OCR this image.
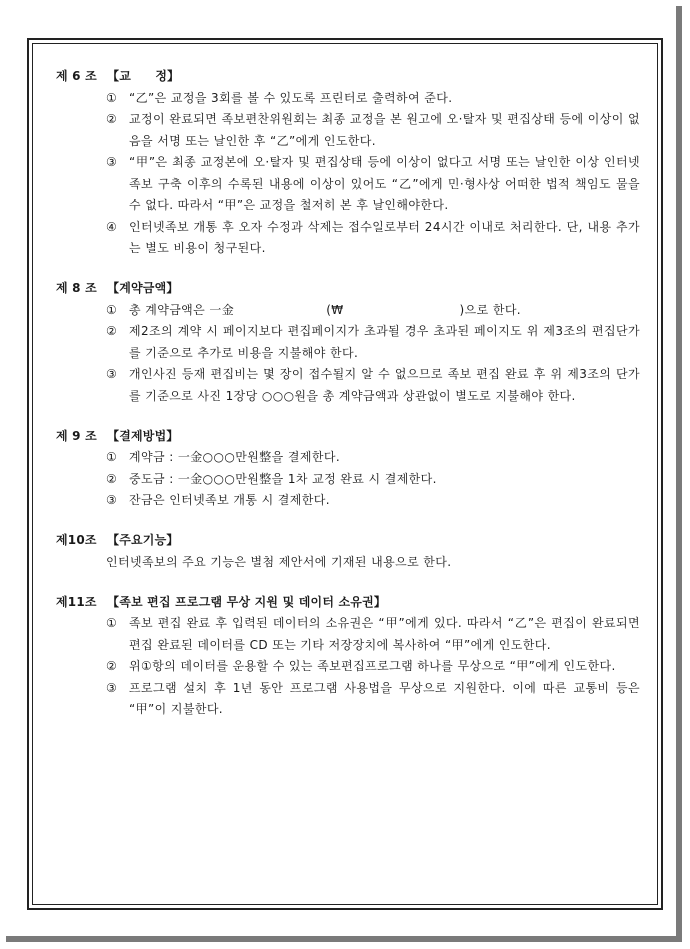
제 6 조 【교　　정】
① “乙”은 교정을 3회를 볼 수 있도록 프린터로 출력하여 준다.
② 교정이 완료되면 족보편찬위원회는 최종 교정을 본 원고에 오·탈자 및 편집상태 등에 이상이 없음을 서명 또는 날인한 후 “乙”에게 인도한다.
③ “甲”은 최종 교정본에 오·탈자 및 편집상태 등에 이상이 없다고 서명 또는 날인한 이상 인터넷족보 구축 이후의 수록된 내용에 이상이 있어도 “乙”에게 민·형사상 어떠한 법적 책임도 물을 수 없다. 따라서 “甲”은 교정을 철저히 본 후 날인해야한다.
④ 인터넷족보 개통 후 오자 수정과 삭제는 접수일로부터 24시간 이내로 처리한다. 단, 내용 추가는 별도 비용이 청구된다.
제 8 조 【계약금액】
① 총 계약금액은 一金	(₩	)으로 한다.
② 제2조의 계약 시 페이지보다 편집페이지가 초과될 경우 초과된 페이지도 위 제3조의 편집단가를 기준으로 추가로 비용을 지불해야 한다.
③ 개인사진 등재 편집비는 몇 장이 접수될지 알 수 없으므로 족보 편집 완료 후 위 제3조의 단가를 기준으로 사진 1장당 ○○○원을 총 계약금액과 상관없이 별도로 지불해야 한다.
제 9 조 【결제방법】
① 계약금 : 一金○○○만원整을 결제한다.
② 중도금 : 一金○○○만원整을 1차 교정 완료 시 결제한다.
③ 잔금은 인터넷족보 개통 시 결제한다.
제10조 【주요기능】
인터넷족보의 주요 기능은 별첨 제안서에 기재된 내용으로 한다.
제11조 【족보 편집 프로그램 무상 지원 및 데이터 소유권】
① 족보 편집 완료 후 입력된 데이터의 소유권은 “甲”에게 있다. 따라서 “乙”은 편집이 완료되면 편집 완료된 데이터를 CD 또는 기타 저장장치에 복사하여 “甲”에게 인도한다.
② 위①항의 데이터를 운용할 수 있는 족보편집프로그램 하나를 무상으로 “甲”에게 인도한다.
③ 프로그램 설치 후 1년 동안 프로그램 사용법을 무상으로 지원한다. 이에 따른 교통비 등은 “甲”이 지불한다.
